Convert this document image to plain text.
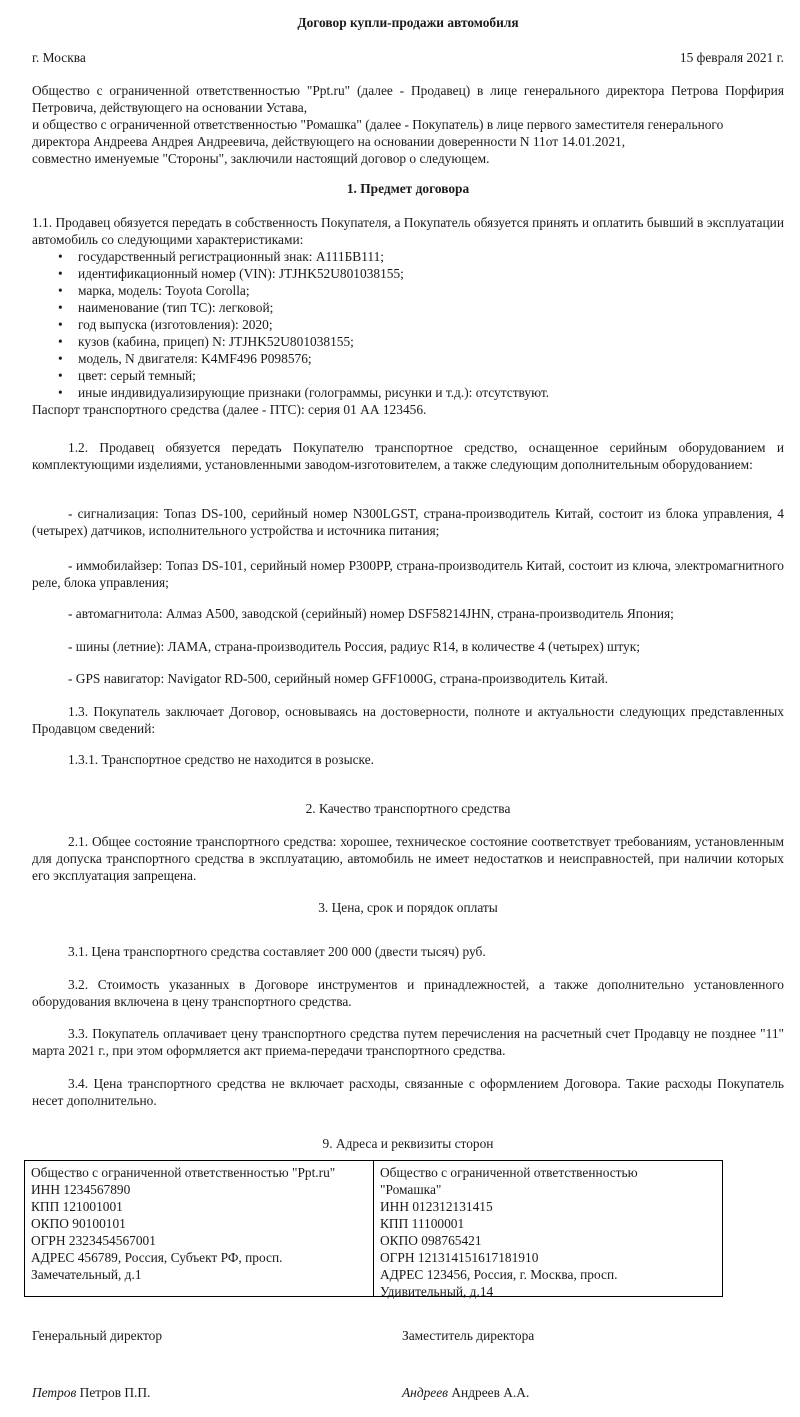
Договор купли-продажи автомобиля
г. Москва	15 февраля 2021 г.
Общество с ограниченной ответственностью "Ppt.ru" (далее - Продавец) в лице генерального директора Петрова Порфирия Петровича, действующего на основании Устава,
и общество с ограниченной ответственностью "Ромашка" (далее - Покупатель) в лице первого заместителя генерального директора Андреева Андрея Андреевича, действующего на основании доверенности N 11от 14.01.2021,
совместно именуемые "Стороны", заключили настоящий договор о следующем.
1. Предмет договора
1.1. Продавец обязуется передать в собственность Покупателя, а Покупатель обязуется принять и оплатить бывший в эксплуатации автомобиль со следующими характеристиками:
• государственный регистрационный знак: А111БВ111;
• идентификационный номер (VIN): JTJHK52U801038155;
• марка, модель: Toyota Corolla;
• наименование (тип ТС): легковой;
• год выпуска (изготовления): 2020;
• кузов (кабина, прицеп) N: JTJHK52U801038155;
• модель, N двигателя: K4MF496 P098576;
• цвет: серый темный;
• иные индивидуализирующие признаки (голограммы, рисунки и т.д.): отсутствуют.
Паспорт транспортного средства (далее - ПТС): серия 01 АА 123456.
1.2. Продавец обязуется передать Покупателю транспортное средство, оснащенное серийным оборудованием и комплектующими изделиями, установленными заводом-изготовителем, а также следующим дополнительным оборудованием:
- сигнализация: Топаз DS-100, серийный номер N300LGST, страна-производитель Китай, состоит из блока управления, 4 (четырех) датчиков, исполнительного устройства и источника питания;
- иммобилайзер: Топаз DS-101, серийный номер P300PP, страна-производитель Китай, состоит из ключа, электромагнитного реле, блока управления;
- автомагнитола: Алмаз А500, заводской (серийный) номер DSF58214JHN, страна-производитель Япония;
- шины (летние): ЛАМА, страна-производитель Россия, радиус R14, в количестве 4 (четырех) штук;
- GPS навигатор: Navigator RD-500, серийный номер GFF1000G, страна-производитель Китай.
1.3. Покупатель заключает Договор, основываясь на достоверности, полноте и актуальности следующих представленных Продавцом сведений:
1.3.1. Транспортное средство не находится в розыске.
2. Качество транспортного средства
2.1. Общее состояние транспортного средства: хорошее, техническое состояние соответствует требованиям, установленным для допуска транспортного средства в эксплуатацию, автомобиль не имеет недостатков и неисправностей, при наличии которых его эксплуатация запрещена.
3. Цена, срок и порядок оплаты
3.1. Цена транспортного средства составляет 200 000 (двести тысяч) руб.
3.2. Стоимость указанных в Договоре инструментов и принадлежностей, а также дополнительно установленного оборудования включена в цену транспортного средства.
3.3. Покупатель оплачивает цену транспортного средства путем перечисления на расчетный счет Продавцу не позднее "11" марта 2021 г., при этом оформляется акт приема-передачи транспортного средства.
3.4. Цена транспортного средства не включает расходы, связанные с оформлением Договора. Такие расходы Покупатель несет дополнительно.
9. Адреса и реквизиты сторон
Общество с ограниченной ответственностью "Ppt.ru"
ИНН 1234567890
КПП 121001001
ОКПО 90100101
ОГРН 2323454567001
АДРЕС 456789, Россия, Субъект РФ, просп.
Замечательный, д.1
Общество с ограниченной ответственностью
"Ромашка"
ИНН 012312131415
КПП 11100001
ОКПО 098765421
ОГРН 121314151617181910
АДРЕС 123456, Россия, г. Москва, просп.
Удивительный, д.14
Генеральный директор	Заместитель директора
Петров Петров П.П.	Андреев Андреев А.А.
